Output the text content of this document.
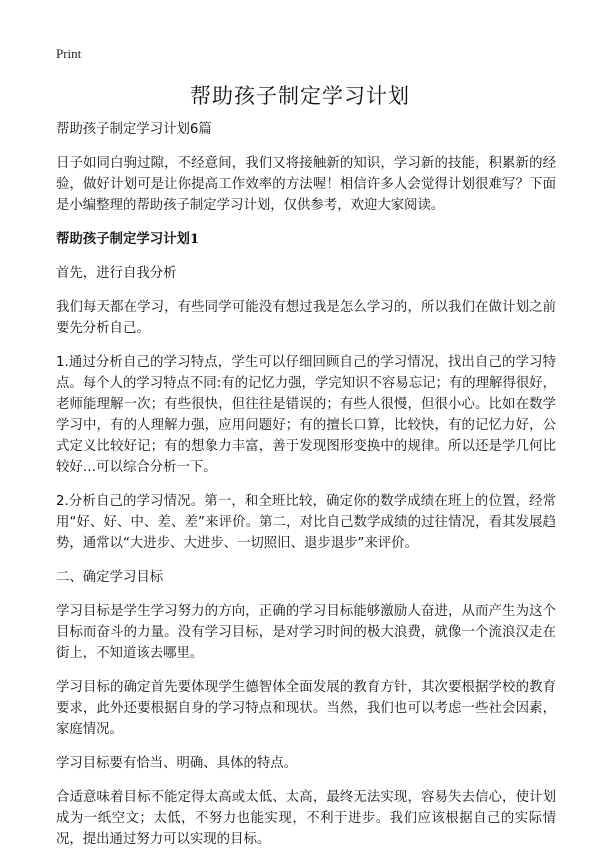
Print
帮助孩子制定学习计划

帮助孩子制定学习计划6篇

日子如同白驹过隙，不经意间，我们又将接触新的知识，学习新的技能，积累新的经验，做好计划可是让你提高工作效率的方法喔！相信许多人会觉得计划很难写？下面是小编整理的帮助孩子制定学习计划，仅供参考，欢迎大家阅读。

帮助孩子制定学习计划1

首先，进行自我分析

我们每天都在学习，有些同学可能没有想过我是怎么学习的，所以我们在做计划之前要先分析自己。

1.通过分析自己的学习特点，学生可以仔细回顾自己的学习情况，找出自己的学习特点。每个人的学习特点不同:有的记忆力强，学完知识不容易忘记；有的理解得很好，老师能理解一次；有些很快，但往往是错误的；有些人很慢，但很小心。比如在数学学习中，有的人理解力强，应用问题好；有的擅长口算，比较快，有的记忆力好，公式定义比较好记；有的想象力丰富，善于发现图形变换中的规律。所以还是学几何比较好…可以综合分析一下。

2.分析自己的学习情况。第一，和全班比较，确定你的数学成绩在班上的位置，经常用“好、好、中、差、差”来评价。第二，对比自己数学成绩的过往情况，看其发展趋势，通常以“大进步、大进步、一切照旧、退步退步”来评价。

二、确定学习目标

学习目标是学生学习努力的方向，正确的学习目标能够激励人奋进，从而产生为这个目标而奋斗的力量。没有学习目标，是对学习时间的极大浪费，就像一个流浪汉走在街上，不知道该去哪里。

学习目标的确定首先要体现学生德智体全面发展的教育方针，其次要根据学校的教育要求，此外还要根据自身的学习特点和现状。当然，我们也可以考虑一些社会因素，家庭情况。

学习目标要有恰当、明确、具体的特点。

合适意味着目标不能定得太高或太低、太高，最终无法实现，容易失去信心，使计划成为一纸空文；太低，不努力也能实现，不利于进步。我们应该根据自己的实际情况，提出通过努力可以实现的目标。
